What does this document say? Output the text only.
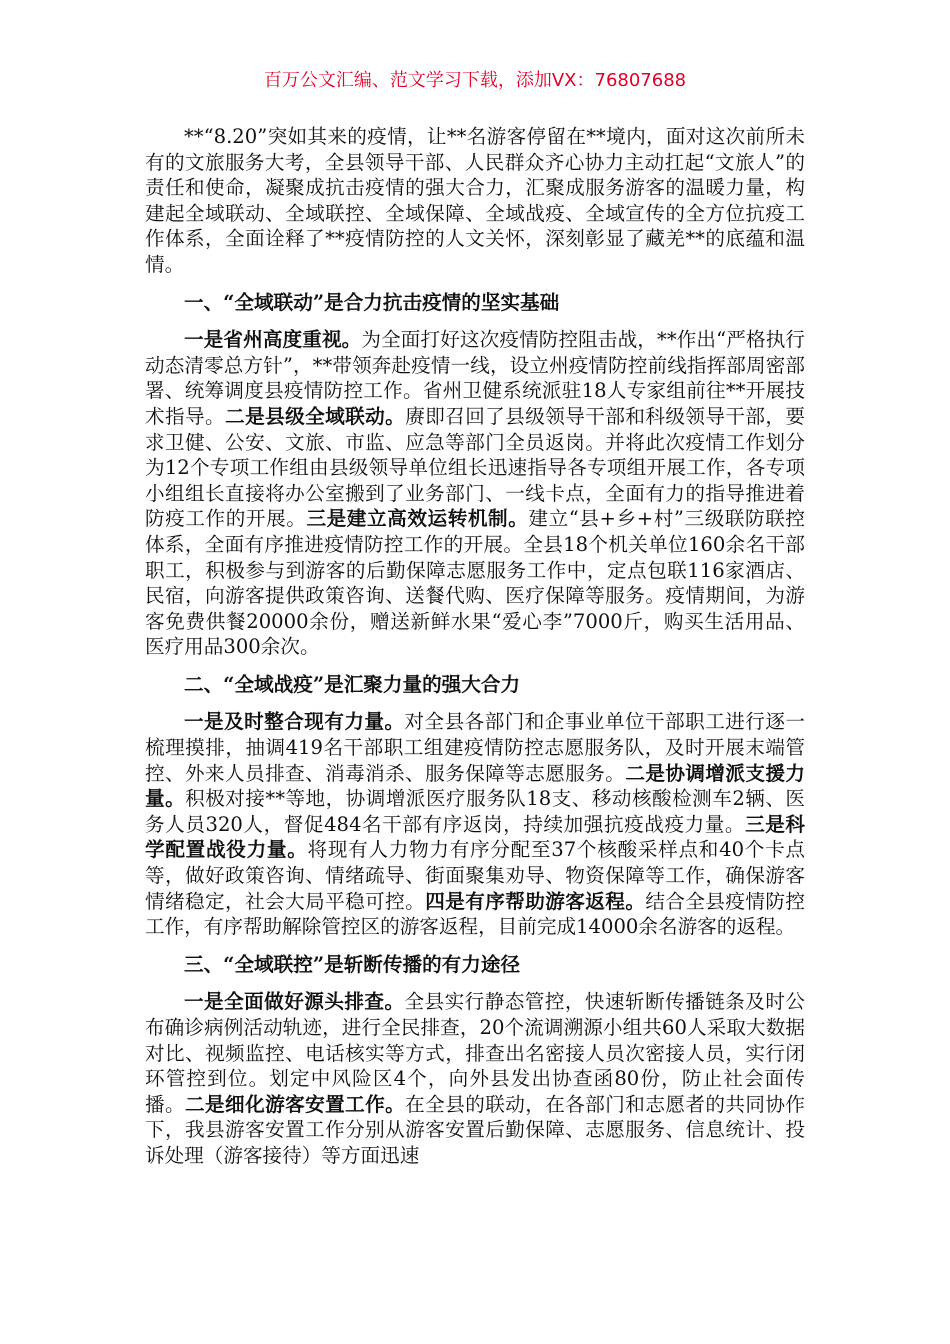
百万公文汇编、范文学习下载，添加VX：76807688

**“8.20”突如其来的疫情，让**名游客停留在**境内，面对这次前所未有的文旅服务大考，全县领导干部、人民群众齐心协力主动扛起“文旅人”的责任和使命，凝聚成抗击疫情的强大合力，汇聚成服务游客的温暖力量，构建起全域联动、全域联控、全域保障、全域战疫、全域宣传的全方位抗疫工作体系，全面诠释了**疫情防控的人文关怀，深刻彰显了藏羌**的底蕴和温情。

一、“全域联动”是合力抗击疫情的坚实基础

一是省州高度重视。为全面打好这次疫情防控阻击战，**作出“严格执行动态清零总方针”，**带领奔赴疫情一线，设立州疫情防控前线指挥部周密部署、统筹调度县疫情防控工作。省州卫健系统派驻18人专家组前往**开展技术指导。二是县级全域联动。赓即召回了县级领导干部和科级领导干部，要求卫健、公安、文旅、市监、应急等部门全员返岗。并将此次疫情工作划分为12个专项工作组由县级领导单位组长迅速指导各专项组开展工作，各专项小组组长直接将办公室搬到了业务部门、一线卡点，全面有力的指导推进着防疫工作的开展。三是建立高效运转机制。建立“县+乡+村”三级联防联控体系，全面有序推进疫情防控工作的开展。全县18个机关单位160余名干部职工，积极参与到游客的后勤保障志愿服务工作中，定点包联116家酒店、民宿，向游客提供政策咨询、送餐代购、医疗保障等服务。疫情期间，为游客免费供餐20000余份，赠送新鲜水果“爱心李”7000斤，购买生活用品、医疗用品300余次。

二、“全域战疫”是汇聚力量的强大合力

一是及时整合现有力量。对全县各部门和企事业单位干部职工进行逐一梳理摸排，抽调419名干部职工组建疫情防控志愿服务队，及时开展末端管控、外来人员排查、消毒消杀、服务保障等志愿服务。二是协调增派支援力量。积极对接**等地，协调增派医疗服务队18支、移动核酸检测车2辆、医务人员320人，督促484名干部有序返岗，持续加强抗疫战疫力量。三是科学配置战役力量。将现有人力物力有序分配至37个核酸采样点和40个卡点等，做好政策咨询、情绪疏导、街面聚集劝导、物资保障等工作，确保游客情绪稳定，社会大局平稳可控。四是有序帮助游客返程。结合全县疫情防控工作，有序帮助解除管控区的游客返程，目前完成14000余名游客的返程。

三、“全域联控”是斩断传播的有力途径

一是全面做好源头排查。全县实行静态管控，快速斩断传播链条及时公布确诊病例活动轨迹，进行全民排查，20个流调溯源小组共60人采取大数据对比、视频监控、电话核实等方式，排查出名密接人员次密接人员，实行闭环管控到位。划定中风险区4个，向外县发出协查函80份，防止社会面传播。二是细化游客安置工作。在全县的联动，在各部门和志愿者的共同协作下，我县游客安置工作分别从游客安置后勤保障、志愿服务、信息统计、投诉处理（游客接待）等方面迅速
